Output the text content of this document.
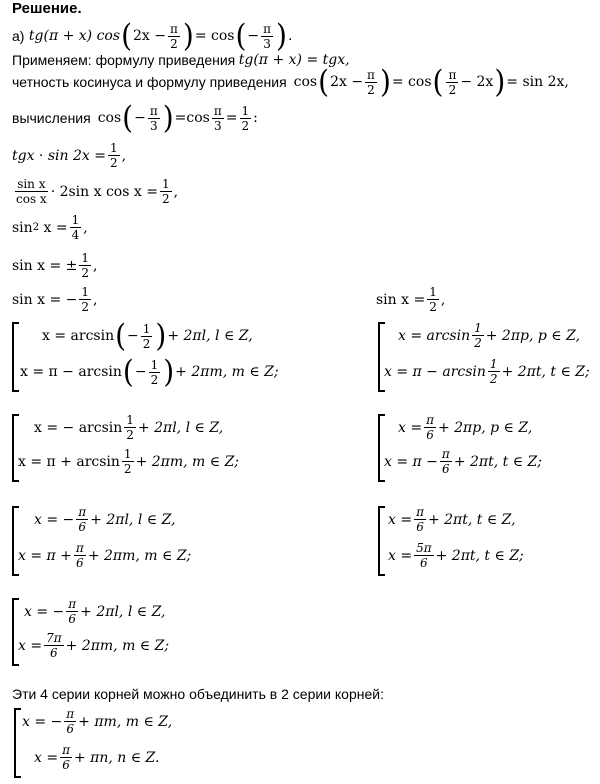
Решение.
а)
tg(π + x) cos ( $2x - \frac{\pi}{2}$ ) = cos ( − $\frac{\pi}{3}$ ) .
Применяем: формулу приведения
tg(π + x) = tgx,
четность косинуса и формулу приведения
cos ( $2x - \frac{\pi}{2}$ ) = cos ( $\frac{\pi}{2} - 2x$ ) = sin 2x,
вычисления
cos ( − $\frac{\pi}{3}$ ) = $\cos \frac{\pi}{3} = \frac{1}{2}$ :
tgx · $\sin 2x = \frac{1}{2}$ ,
$\frac{\text{sin x}}{\text{cos x}} \cdot 2\sin$ x $\cos x = \frac{1}{2}$ ,
sin 2
$x = \frac{1}{4}$ ,
sin x = ± $\frac{1}{2}$ ,
sin x = − $\frac{1}{2}$ ,	$\sin x = \frac{1}{2}$ ,
x = arcsin ( − $\frac{1}{2}$ ) + 2πl, l ∈ Z,
x = π − arcsin ( − $\frac{1}{2}$ ) + 2πm, m ∈ Z;
$x = \arcsin \frac{1}{2} + 2\pi p$, p ∈ Z,
$x = \pi - \arcsin \frac{1}{2} + 2\pi t$, t ∈ Z;
x = − $\arcsin \frac{1}{2} + 2\pi l$, l ∈ Z,
$x = \pi + \arcsin \frac{1}{2} + 2\pi m$, m ∈ Z;
$x = \frac{\pi}{6} + 2\pi p$, p ∈ Z,
$x = \pi - \frac{\pi}{6} + 2\pi t$, t ∈ Z;
x = − $\frac{\pi}{6} + 2\pi l$, l ∈ Z,
$x = \pi + \frac{\pi}{6} + 2\pi m$, m ∈ Z;
$x = \frac{\pi}{6} + 2\pi t$, t ∈ Z,
$x = \frac{5\pi}{6} + 2\pi t$, t ∈ Z;
x = − $\frac{\pi}{6} + 2\pi l$, l ∈ Z,
$x = \frac{7\pi}{6} + 2\pi m$, m ∈ Z;
Эти 4 серии корней можно объединить в 2 серии корней:
x = − $\frac{\pi}{6} + \pi m$, m ∈ Z,
$x = \frac{\pi}{6} + \pi n$, n ∈ Z.
